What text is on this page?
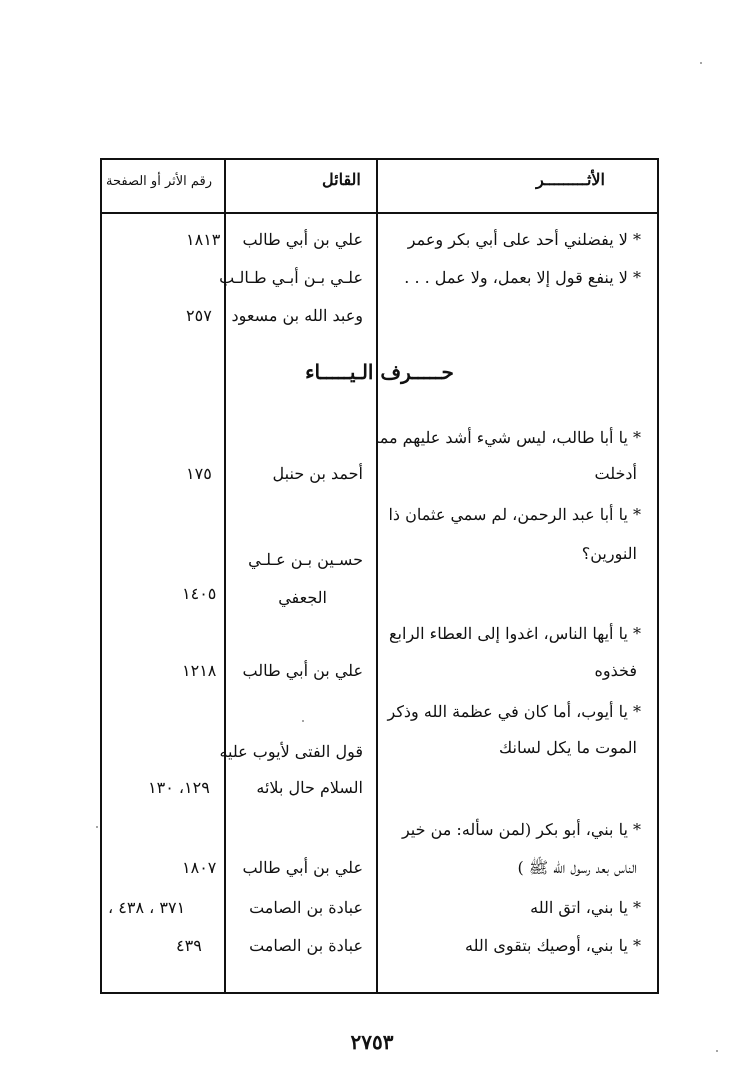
الأثـــــــــر
القائل
رقم الأثر أو الصفحة
* لا يفضلني أحد على أبي بكر وعمر
علي بن أبي طالب
١٨١٣
* لا ينفع قول إلا بعمل، ولا عمل . . .
علـي بـن أبـي طـالـب
وعبد الله بن مسعود
٢٥٧
حـــــرف الـيـــــاء
* يا أبا طالب، ليس شيء أشد عليهم مما
أدخلت
أحمد بن حنبل
١٧٥
* يا أبا عبد الرحمن، لم سمي عثمان ذا
النورين؟
حسـين بـن عـلـي
الجعفي
١٤٠٥
* يا أيها الناس، اغدوا إلى العطاء الرابع
فخذوه
علي بن أبي طالب
١٢١٨
* يا أيوب، أما كان في عظمة الله وذكر
الموت ما يكل لسانك
قول الفتى لأيوب عليه
السلام حال بلائه
١٢٩، ١٣٠
* يا بني، أبو بكر (لمن سأله: من خير
الناس بعد رسول الله ﷺ )
علي بن أبي طالب
١٨٠٧
* يا بني، اتق الله
عبادة بن الصامت
٣٧١ ، ٤٣٨ ،
* يا بني، أوصيك بتقوى الله
عبادة بن الصامت
٤٣٩
٢٧٥٣
